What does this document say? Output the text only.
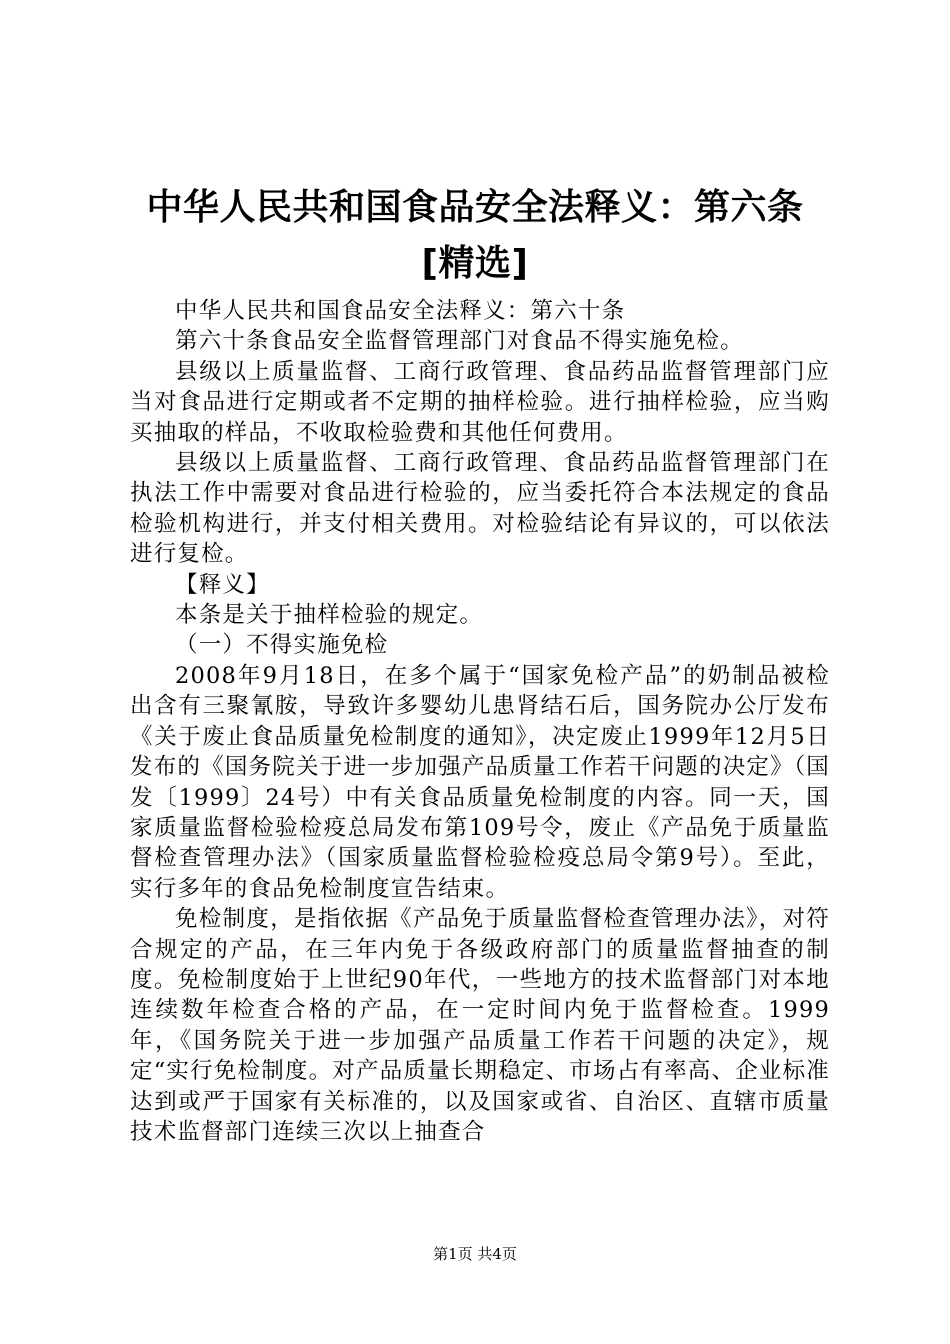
中华人民共和国食品安全法释义：第六条[精选]

中华人民共和国食品安全法释义：第六十条

第六十条食品安全监督管理部门对食品不得实施免检。

县级以上质量监督、工商行政管理、食品药品监督管理部门应当对食品进行定期或者不定期的抽样检验。进行抽样检验，应当购买抽取的样品，不收取检验费和其他任何费用。

县级以上质量监督、工商行政管理、食品药品监督管理部门在执法工作中需要对食品进行检验的，应当委托符合本法规定的食品检验机构进行，并支付相关费用。对检验结论有异议的，可以依法进行复检。

【释义】

本条是关于抽样检验的规定。

（一）不得实施免检

2008年9月18日，在多个属于“国家免检产品”的奶制品被检出含有三聚氰胺，导致许多婴幼儿患肾结石后，国务院办公厅发布《关于废止食品质量免检制度的通知》，决定废止1999年12月5日发布的《国务院关于进一步加强产品质量工作若干问题的决定》（国发〔1999〕24号）中有关食品质量免检制度的内容。同一天，国家质量监督检验检疫总局发布第109号令，废止《产品免于质量监督检查管理办法》（国家质量监督检验检疫总局令第9号）。至此，实行多年的食品免检制度宣告结束。

免检制度，是指依据《产品免于质量监督检查管理办法》，对符合规定的产品，在三年内免于各级政府部门的质量监督抽查的制度。免检制度始于上世纪90年代，一些地方的技术监督部门对本地连续数年检查合格的产品，在一定时间内免于监督检查。1999年，《国务院关于进一步加强产品质量工作若干问题的决定》，规定“实行免检制度。对产品质量长期稳定、市场占有率高、企业标准达到或严于国家有关标准的，以及国家或省、自治区、直辖市质量技术监督部门连续三次以上抽查合

第1页 共4页
